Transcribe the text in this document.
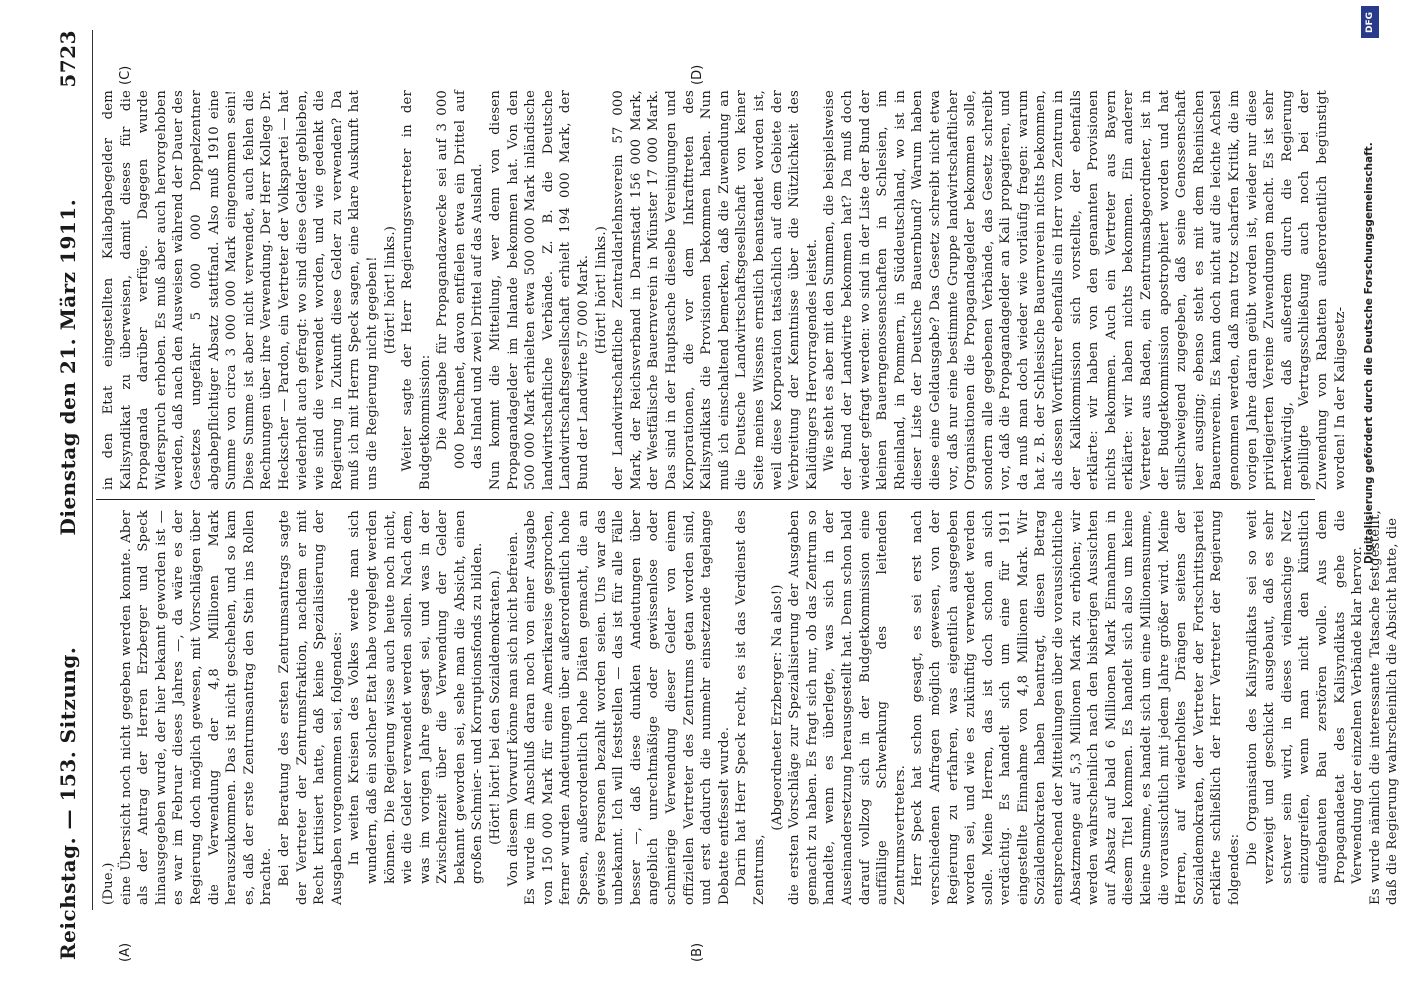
Reichstag. — 153. Sitzung.
Dienstag den 21. März 1911.
5723
(A)	(B)
(C)	(D)

(Due.) eine Übersicht noch nicht gegeben werden konnte. Aber als der Antrag der Herren Erzberger und Speck hinausgegeben wurde, der hier bekannt geworden ist — es war im Februar dieses Jahres —, da wäre es der Regierung doch möglich gewesen, mit Vorschlägen über die Verwendung der 4,8 Millionen Mark herauszukommen. Das ist nicht geschehen, und so kam es, daß der erste Zentrumsantrag den Stein ins Rollen brachte. Bei der Beratung des ersten Zentrumsantrags sagte der Vertreter der Zentrumsfraktion, nachdem er mit Recht kritisiert hatte, daß keine Spezialisierung der Ausgaben vorgenommen sei, folgendes: In weiten Kreisen des Volkes werde man sich wundern, daß ein solcher Etat habe vorgelegt werden können. Die Regierung wisse auch heute noch nicht, wie die Gelder verwendet werden sollen. Nach dem, was im vorigen Jahre gesagt sei, und was in der Zwischenzeit über die Verwendung der Gelder bekannt geworden sei, sehe man die Absicht, einen großen Schmier- und Korruptionsfonds zu bilden. (Hört! hört! bei den Sozialdemokraten.) Von diesem Vorwurf könne man sich nicht befreien. Es wurde im Anschluß daran noch von einer Ausgabe von 150 000 Mark für eine Amerikareise gesprochen, ferner wurden Andeutungen über außerordentlich hohe Spesen, außerordentlich hohe Diäten gemacht, die an gewisse Personen bezahlt worden seien. Uns war das unbekannt. Ich will feststellen — das ist für alle Fälle besser —, daß diese dunklen Andeutungen über angeblich unrechtmäßige oder gewissenlose oder schmierige Verwendung dieser Gelder von einem offiziellen Vertreter des Zentrums getan worden sind, und erst dadurch die nunmehr einsetzende tagelange Debatte entfesselt wurde. Darin hat Herr Speck recht, es ist das Verdienst des Zentrums,

(Abgeordneter Erzberger: Na also!) die ersten Vorschläge zur Spezialisierung der Ausgaben gemacht zu haben. Es fragt sich nur, ob das Zentrum so handelte, wenn es überlegte, was sich in der Auseinandersetzung herausgestellt hat. Denn schon bald darauf vollzog sich in der Budgetkommission eine auffällige Schwenkung des leitenden Zentrumsvertreters. Herr Speck hat schon gesagt, es sei erst nach verschiedenen Anfragen möglich gewesen, von der Regierung zu erfahren, was eigentlich ausgegeben worden sei, und wie es zukünftig verwendet werden solle. Meine Herren, das ist doch schon an sich verdächtig. Es handelt sich um eine für 1911 eingestellte Einnahme von 4,8 Millionen Mark. Wir Sozialdemokraten haben beantragt, diesen Betrag entsprechend der Mitteilungen über die voraussichtliche Absatzmenge auf 5,3 Millionen Mark zu erhöhen; wir werden wahrscheinlich nach den bisherigen Aussichten auf Absatz auf bald 6 Millionen Mark Einnahmen in diesem Titel kommen. Es handelt sich also um keine kleine Summe, es handelt sich um eine Millionensumme, die voraussichtlich mit jedem Jahre größer wird. Meine Herren, auf wiederholtes Drängen seitens der Sozialdemokraten, der Vertreter der Fortschrittspartei erklärte schließlich der Herr Vertreter der Regierung folgendes:

Die Organisation des Kalisyndikats sei so weit verzweigt und geschickt ausgebaut, daß es sehr schwer sein wird, in dieses vielmaschige Netz einzugreifen, wenn man nicht den künstlich aufgebauten Bau zerstören wolle. Aus dem Propagandaetat des Kalisyndikats gehe die Verwendung der einzelnen Verbände klar hervor. Es wurde nämlich die interessante Tatsache festgestellt, daß die Regierung wahrscheinlich die Absicht hatte, die

in den Etat eingestellten Kaliabgabegelder dem Kalisyndikat zu überweisen, damit dieses für die Propaganda darüber verfüge. Dagegen wurde Widerspruch erhoben. Es muß aber auch hervorgehoben werden, daß nach den Ausweisen während der Dauer des Gesetzes ungefähr 5 000 000 Doppelzentner abgabepflichtiger Absatz stattfand. Also muß 1910 eine Summe von circa 3 000 000 Mark eingenommen sein! Diese Summe ist aber nicht verwendet, auch fehlen die Rechnungen über ihre Verwendung. Der Herr Kollege Dr. Heckscher — Pardon, ein Vertreter der Volkspartei — hat wiederholt auch gefragt: wo sind diese Gelder geblieben, wie sind die verwendet worden, und wie gedenkt die Regierung in Zukunft diese Gelder zu verwenden? Da muß ich mit Herrn Speck sagen, eine klare Auskunft hat uns die Regierung nicht gegeben! (Hört! hört! links.) Weiter sagte der Herr Regierungsvertreter in der Budgetkommission: Die Ausgabe für Propagandazwecke sei auf 3 000 000 berechnet, davon entfielen etwa ein Drittel auf das Inland und zwei Drittel auf das Ausland. Nun kommt die Mitteilung, wer denn von diesen Propagandagelder im Inlande bekommen hat. Von den 500 000 Mark erhielten etwa 500 000 Mark inländische landwirtschaftliche Verbände. Z. B. die Deutsche Landwirtschaftsgesellschaft erhielt 194 000 Mark, der Bund der Landwirte 57 000 Mark. (Hört! hört! links.) der Landwirtschaftliche Zentraldarlehnsverein 57 000 Mark, der Reichsverband in Darmstadt 156 000 Mark, der Westfälische Bauernverein in Münster 17 000 Mark. Das sind in der Hauptsache dieselbe Vereinigungen und Korporationen, die vor dem Inkrafttreten des Kalisyndikats die Provisionen bekommen haben. Nun muß ich einschaltend bemerken, daß die Zuwendung an die Deutsche Landwirtschaftsgesellschaft von keiner Seite meines Wissens ernstlich beanstandet worden ist, weil diese Korporation tatsächlich auf dem Gebiete der Verbreitung der Kenntnisse über die Nützlichkeit des Kalidüngers Hervorragendes leistet. Wie steht es aber mit den Summen, die beispielsweise der Bund der Landwirte bekommen hat? Da muß doch wieder gefragt werden: wo sind in der Liste der Bund der kleinen Bauerngenossenschaften in Schlesien, im Rheinland, in Pommern, in Süddeutschland, wo ist in dieser Liste der Deutsche Bauernbund? Warum haben diese eine Geldausgabe? Das Gesetz schreibt nicht etwa vor, daß nur eine bestimmte Gruppe landwirtschaftlicher Organisationen die Propagandagelder bekommen solle, sondern alle gegebenen Verbände, das Gesetz schreibt vor, daß die Propagandagelder an Kali propagieren, und da muß man doch wieder wie vorläufig fragen: warum hat z. B. der Schlesische Bauernverein nichts bekommen, als dessen Wortführer ebenfalls ein Herr vom Zentrum in der Kalikommission sich vorstellte, der ebenfalls erklärte: wir haben von den genannten Provisionen nichts bekommen. Auch ein Vertreter aus Bayern erklärte: wir haben nichts bekommen. Ein anderer Vertreter aus Baden, ein Zentrumsabgeordneter, ist in der Budgetkommission apostrophiert worden und hat stillschweigend zugegeben, daß seine Genossenschaft leer ausging; ebenso steht es mit dem Rheinischen Bauernverein. Es kann doch nicht auf die leichte Achsel genommen werden, daß man trotz scharfen Kritik, die im vorigen Jahre daran geübt worden ist, wieder nur diese privilegierten Vereine Zuwendungen macht. Es ist sehr merkwürdig, daß außerdem durch die Regierung gebilligte Vertragsschließung auch noch bei der Zuwendung von Rabatten außerordentlich begünstigt worden! In der Kaligesetz-

DFG
Digitalisierung gefördert durch die Deutsche Forschungsgemeinschaft.
